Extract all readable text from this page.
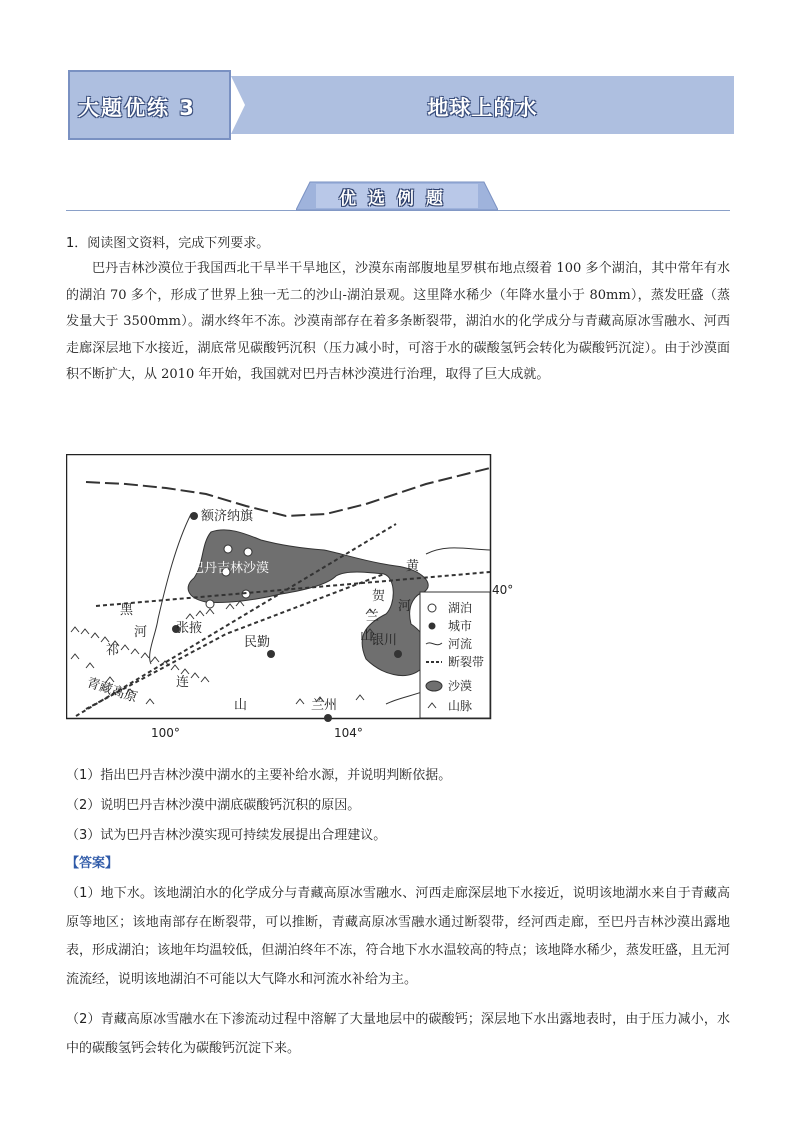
大题优练 3	地球上的水
优选例题
1．阅读图文资料，完成下列要求。
巴丹吉林沙漠位于我国西北干旱半干旱地区，沙漠东南部腹地星罗棋布地点缀着 100 多个湖泊，其中常年有水的湖泊 70 多个，形成了世界上独一无二的沙山-湖泊景观。这里降水稀少（年降水量小于 80mm），蒸发旺盛（蒸发量大于 3500mm）。湖水终年不冻。沙漠南部存在着多条断裂带，湖泊水的化学成分与青藏高原冰雪融水、河西走廊深层地下水接近，湖底常见碳酸钙沉积（压力减小时，可溶于水的碳酸氢钙会转化为碳酸钙沉淀）。由于沙漠面积不断扩大，从 2010 年开始，我国就对巴丹吉林沙漠进行治理，取得了巨大成就。
额济纳旗
巴丹吉林沙漠
黑
河
祁
连
山
张掖
民勤
贺
兰
山
黄
河
银川
兰州
青藏高原
40°
100°	104°
湖泊
城市
河流
断裂带
沙漠
山脉
（1）指出巴丹吉林沙漠中湖水的主要补给水源，并说明判断依据。
（2）说明巴丹吉林沙漠中湖底碳酸钙沉积的原因。
（3）试为巴丹吉林沙漠实现可持续发展提出合理建议。
【答案】
（1）地下水。该地湖泊水的化学成分与青藏高原冰雪融水、河西走廊深层地下水接近，说明该地湖水来自于青藏高原等地区；该地南部存在断裂带，可以推断，青藏高原冰雪融水通过断裂带，经河西走廊，至巴丹吉林沙漠出露地表，形成湖泊；该地年均温较低，但湖泊终年不冻，符合地下水水温较高的特点；该地降水稀少，蒸发旺盛，且无河流流经，说明该地湖泊不可能以大气降水和河流水补给为主。
（2）青藏高原冰雪融水在下渗流动过程中溶解了大量地层中的碳酸钙；深层地下水出露地表时，由于压力减小，水中的碳酸氢钙会转化为碳酸钙沉淀下来。
